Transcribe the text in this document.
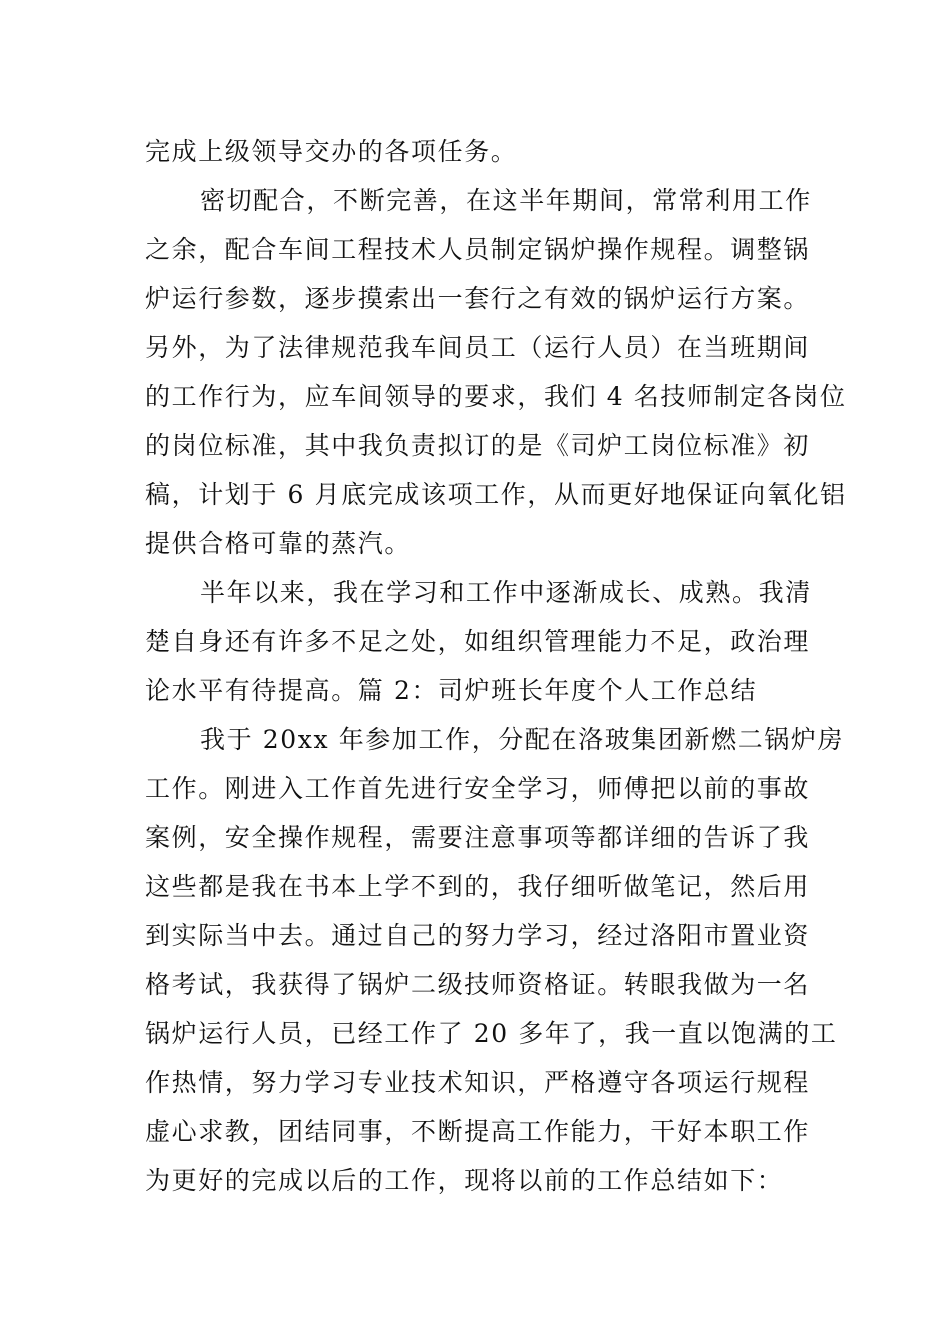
完成上级领导交办的各项任务。
密切配合，不断完善，在这半年期间，常常利用工作
之余，配合车间工程技术人员制定锅炉操作规程。调整锅
炉运行参数，逐步摸索出一套行之有效的锅炉运行方案。
另外，为了法律规范我车间员工（运行人员）在当班期间
的工作行为，应车间领导的要求，我们 4 名技师制定各岗位
的岗位标准，其中我负责拟订的是《司炉工岗位标准》初
稿，计划于 6 月底完成该项工作，从而更好地保证向氧化铝
提供合格可靠的蒸汽。
半年以来，我在学习和工作中逐渐成长、成熟。我清
楚自身还有许多不足之处，如组织管理能力不足，政治理
论水平有待提高。篇 2：司炉班长年度个人工作总结
我于 20xx 年参加工作，分配在洛玻集团新燃二锅炉房
工作。刚进入工作首先进行安全学习，师傅把以前的事故
案例，安全操作规程，需要注意事项等都详细的告诉了我
这些都是我在书本上学不到的，我仔细听做笔记，然后用
到实际当中去。通过自己的努力学习，经过洛阳市置业资
格考试，我获得了锅炉二级技师资格证。转眼我做为一名
锅炉运行人员，已经工作了 20 多年了，我一直以饱满的工
作热情，努力学习专业技术知识，严格遵守各项运行规程
虚心求教，团结同事，不断提高工作能力，干好本职工作
为更好的完成以后的工作，现将以前的工作总结如下：
